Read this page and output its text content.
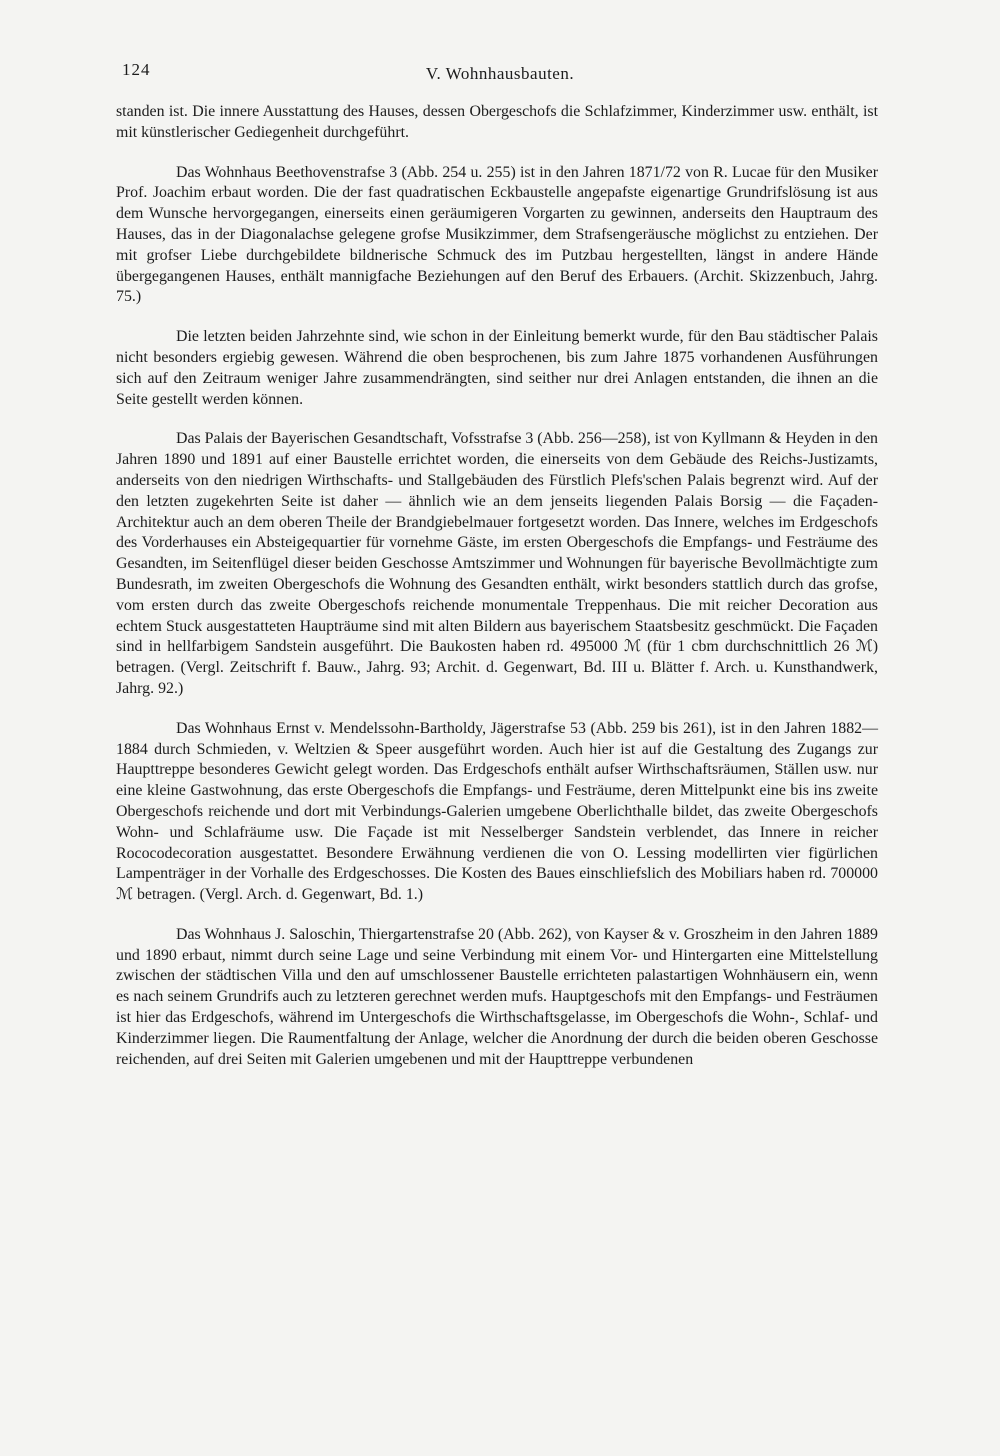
124	V. Wohnhausbauten.

standen ist. Die innere Ausstattung des Hauses, dessen Obergeschofs die Schlafzimmer, Kinderzimmer usw. enthält, ist mit künstlerischer Gediegenheit durchgeführt.

Das Wohnhaus Beethovenstrafse 3 (Abb. 254 u. 255) ist in den Jahren 1871/72 von R. Lucae für den Musiker Prof. Joachim erbaut worden. Die der fast quadratischen Eckbaustelle angepafste eigenartige Grundrifslösung ist aus dem Wunsche hervorgegangen, einerseits einen geräumigeren Vorgarten zu gewinnen, anderseits den Hauptraum des Hauses, das in der Diagonalachse gelegene grofse Musikzimmer, dem Strafsengeräusche möglichst zu entziehen. Der mit grofser Liebe durchgebildete bildnerische Schmuck des im Putzbau hergestellten, längst in andere Hände übergegangenen Hauses, enthält mannigfache Beziehungen auf den Beruf des Erbauers. (Archit. Skizzenbuch, Jahrg. 75.)

Die letzten beiden Jahrzehnte sind, wie schon in der Einleitung bemerkt wurde, für den Bau städtischer Palais nicht besonders ergiebig gewesen. Während die oben besprochenen, bis zum Jahre 1875 vorhandenen Ausführungen sich auf den Zeitraum weniger Jahre zusammendrängten, sind seither nur drei Anlagen entstanden, die ihnen an die Seite gestellt werden können.

Das Palais der Bayerischen Gesandtschaft, Vofsstrafse 3 (Abb. 256—258), ist von Kyllmann & Heyden in den Jahren 1890 und 1891 auf einer Baustelle errichtet worden, die einerseits von dem Gebäude des Reichs-Justizamts, anderseits von den niedrigen Wirthschafts- und Stallgebäuden des Fürstlich Plefs'schen Palais begrenzt wird. Auf der den letzten zugekehrten Seite ist daher — ähnlich wie an dem jenseits liegenden Palais Borsig — die Façaden-Architektur auch an dem oberen Theile der Brandgiebelmauer fortgesetzt worden. Das Innere, welches im Erdgeschofs des Vorderhauses ein Absteigequartier für vornehme Gäste, im ersten Obergeschofs die Empfangs- und Festräume des Gesandten, im Seitenflügel dieser beiden Geschosse Amtszimmer und Wohnungen für bayerische Bevollmächtigte zum Bundesrath, im zweiten Obergeschofs die Wohnung des Gesandten enthält, wirkt besonders stattlich durch das grofse, vom ersten durch das zweite Obergeschofs reichende monumentale Treppenhaus. Die mit reicher Decoration aus echtem Stuck ausgestatteten Haupträume sind mit alten Bildern aus bayerischem Staatsbesitz geschmückt. Die Façaden sind in hellfarbigem Sandstein ausgeführt. Die Baukosten haben rd. 495000 ℳ (für 1 cbm durchschnittlich 26 ℳ) betragen. (Vergl. Zeitschrift f. Bauw., Jahrg. 93; Archit. d. Gegenwart, Bd. III u. Blätter f. Arch. u. Kunsthandwerk, Jahrg. 92.)

Das Wohnhaus Ernst v. Mendelssohn-Bartholdy, Jägerstrafse 53 (Abb. 259 bis 261), ist in den Jahren 1882—1884 durch Schmieden, v. Weltzien & Speer ausgeführt worden. Auch hier ist auf die Gestaltung des Zugangs zur Haupttreppe besonderes Gewicht gelegt worden. Das Erdgeschofs enthält aufser Wirthschaftsräumen, Ställen usw. nur eine kleine Gastwohnung, das erste Obergeschofs die Empfangs- und Festräume, deren Mittelpunkt eine bis ins zweite Obergeschofs reichende und dort mit Verbindungs-Galerien umgebene Oberlichthalle bildet, das zweite Obergeschofs Wohn- und Schlafräume usw. Die Façade ist mit Nesselberger Sandstein verblendet, das Innere in reicher Rococodecoration ausgestattet. Besondere Erwähnung verdienen die von O. Lessing modellirten vier figürlichen Lampenträger in der Vorhalle des Erdgeschosses. Die Kosten des Baues einschliefslich des Mobiliars haben rd. 700000 ℳ betragen. (Vergl. Arch. d. Gegenwart, Bd. 1.)

Das Wohnhaus J. Saloschin, Thiergartenstrafse 20 (Abb. 262), von Kayser & v. Groszheim in den Jahren 1889 und 1890 erbaut, nimmt durch seine Lage und seine Verbindung mit einem Vor- und Hintergarten eine Mittelstellung zwischen der städtischen Villa und den auf umschlossener Baustelle errichteten palastartigen Wohnhäusern ein, wenn es nach seinem Grundrifs auch zu letzteren gerechnet werden mufs. Hauptgeschofs mit den Empfangs- und Festräumen ist hier das Erdgeschofs, während im Untergeschofs die Wirthschaftsgelasse, im Obergeschofs die Wohn-, Schlaf- und Kinderzimmer liegen. Die Raumentfaltung der Anlage, welcher die Anordnung der durch die beiden oberen Geschosse reichenden, auf drei Seiten mit Galerien umgebenen und mit der Haupttreppe verbundenen
